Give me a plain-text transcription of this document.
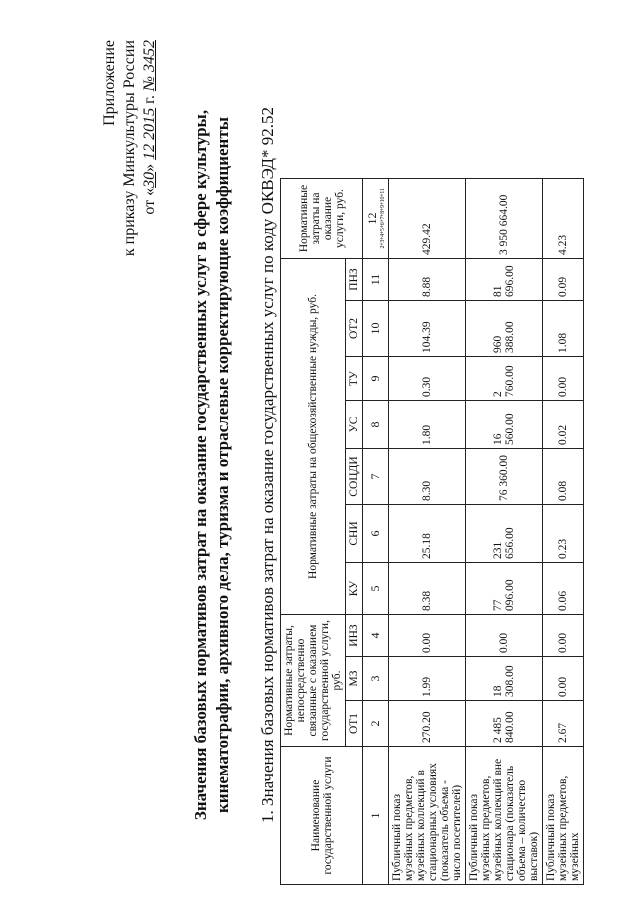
Приложение к приказу Минкультуры России от «30» 12 2015 г. № 3452
Значения базовых нормативов затрат на оказание государственных услуг в сфере культуры, кинематографии, архивного дела, туризма и отраслевые корректирующие коэффициенты 1. Значения базовых нормативов затрат на оказание государственных услуг по коду ОКВЭД* 92.52	Наименование государственной услуги	Нормативные затраты, непосредственно связанные с оказанием государственной услуги, руб.			Нормативные затраты на общехозяйственные нужды, руб.							Нормативные затраты на оказание услуги, руб.
	ОТ1	МЗ	ИНЗ	КУ	СНИ	СОЦДИ	УС	ТУ	ОТ2	ПНЗ	
1	2	3	4	5	6	7	8	9	10	11	12 2+3+4+5+6+7+8+9+10+11

Публичный показ музейных предметов, музейных коллекций в стационарных условиях (показатель объема - число посетителей)	270.20	1.99	0.00	8.38	25.18	8.30	1.80	0.30	104.39	8.88	429.42
Публичный показ музейных предметов, музейных коллекций вне стационара (показатель объема – количество выставок)	2 485 840.00	18 308.00	0.00	77 096.00	231 656.00	76 360.00	16 560.00	2 760.00	960 388.00	81 696.00	3 950 664.00
Публичный показ музейных предметов, музейных	2.67	0.00	0.00	0.06	0.23	0.08	0.02	0.00	1.08	0.09	4.23
